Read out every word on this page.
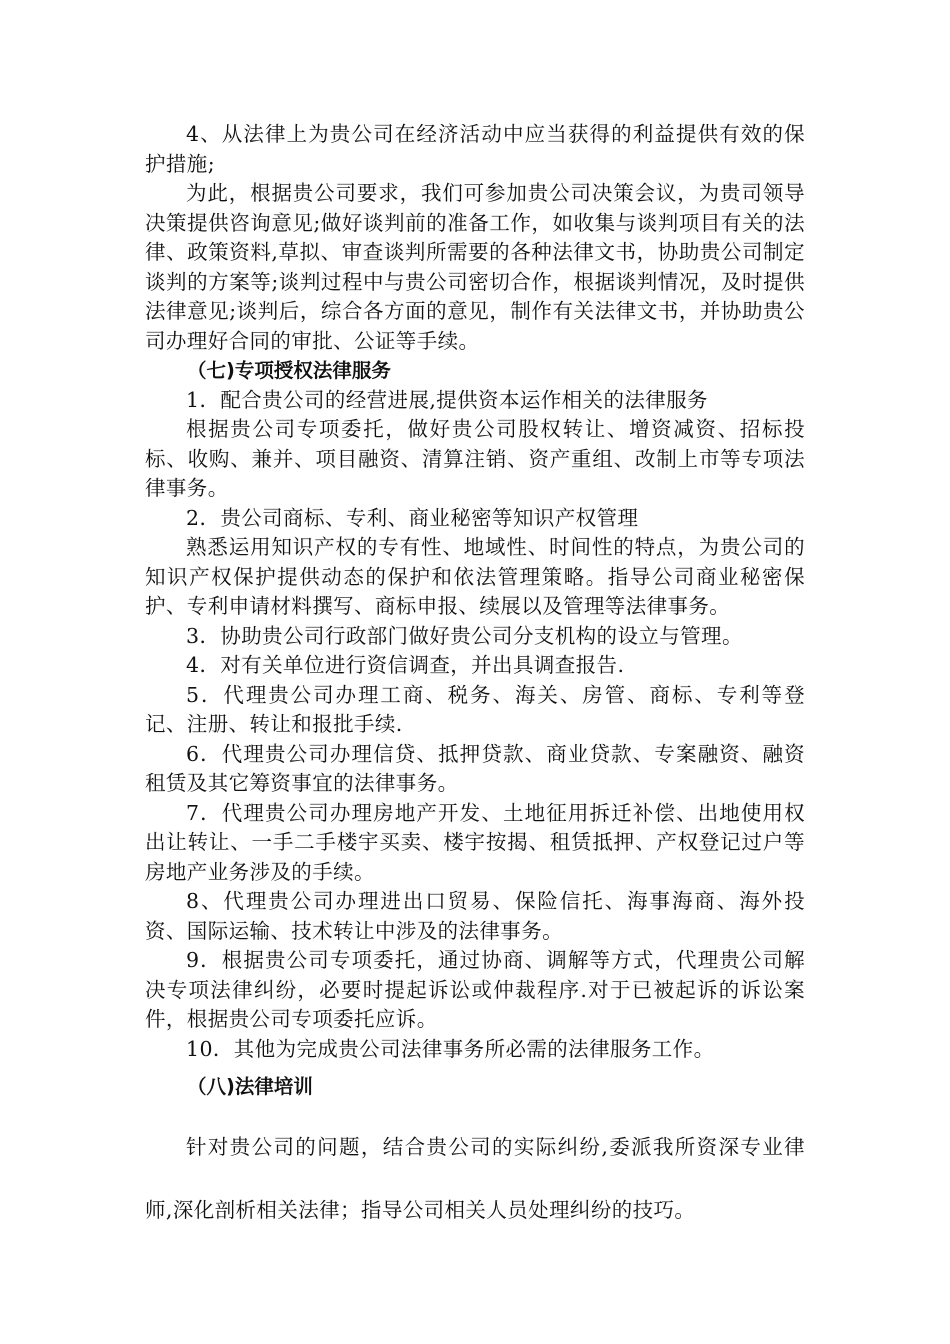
4、从法律上为贵公司在经济活动中应当获得的利益提供有效的保护措施;

为此，根据贵公司要求，我们可参加贵公司决策会议，为贵司领导决策提供咨询意见;做好谈判前的准备工作，如收集与谈判项目有关的法律、政策资料,草拟、审查谈判所需要的各种法律文书，协助贵公司制定谈判的方案等;谈判过程中与贵公司密切合作，根据谈判情况，及时提供法律意见;谈判后，综合各方面的意见，制作有关法律文书，并协助贵公司办理好合同的审批、公证等手续。

（七)专项授权法律服务

1．配合贵公司的经营进展,提供资本运作相关的法律服务

根据贵公司专项委托，做好贵公司股权转让、增资减资、招标投标、收购、兼并、项目融资、清算注销、资产重组、改制上市等专项法律事务。

2．贵公司商标、专利、商业秘密等知识产权管理

熟悉运用知识产权的专有性、地域性、时间性的特点，为贵公司的知识产权保护提供动态的保护和依法管理策略。指导公司商业秘密保护、专利申请材料撰写、商标申报、续展以及管理等法律事务。

3．协助贵公司行政部门做好贵公司分支机构的设立与管理。

4．对有关单位进行资信调查，并出具调查报告.

5．代理贵公司办理工商、税务、海关、房管、商标、专利等登记、注册、转让和报批手续.

6．代理贵公司办理信贷、抵押贷款、商业贷款、专案融资、融资租赁及其它筹资事宜的法律事务。

7．代理贵公司办理房地产开发、土地征用拆迁补偿、出地使用权出让转让、一手二手楼宇买卖、楼宇按揭、租赁抵押、产权登记过户等房地产业务涉及的手续。

8、代理贵公司办理进出口贸易、保险信托、海事海商、海外投资、国际运输、技术转让中涉及的法律事务。

9．根据贵公司专项委托，通过协商、调解等方式，代理贵公司解决专项法律纠纷，必要时提起诉讼或仲裁程序.对于已被起诉的诉讼案件，根据贵公司专项委托应诉。

10．其他为完成贵公司法律事务所必需的法律服务工作。

（八)法律培训

针对贵公司的问题，结合贵公司的实际纠纷,委派我所资深专业律师,深化剖析相关法律；指导公司相关人员处理纠纷的技巧。
